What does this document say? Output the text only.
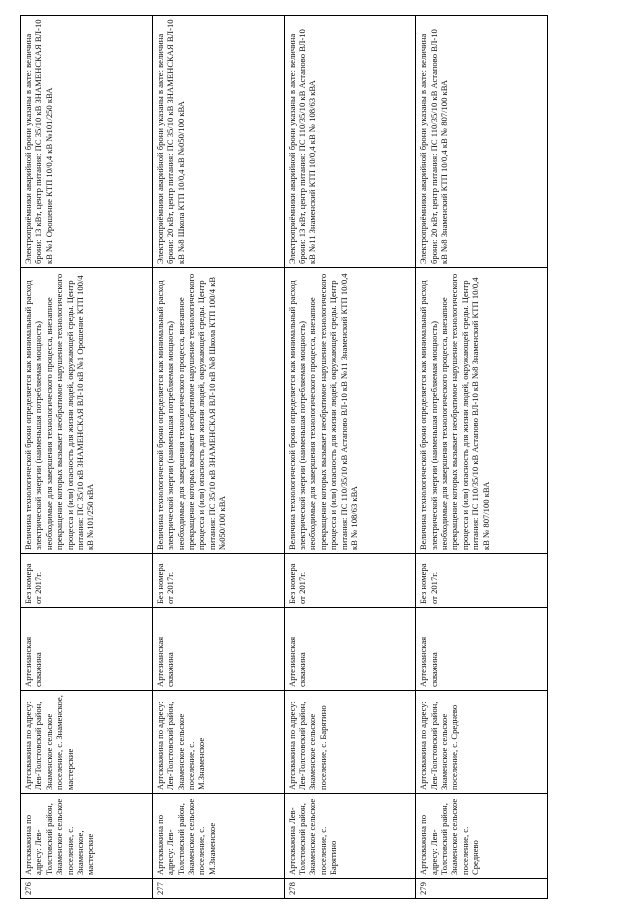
276	Артскважина по адресу: Лев-Толстовский район, Знаменское сельское поселение, с. Знаменское, мастерские	Артскважина по адресу: Лев-Толстовский район, Знаменское сельское поселение, с. Знаменское, мастерские	Артезианская скважина	Без номера от 2017г.	Величина технологической брони определяется как минимальный расход электрической энергии (наименьшая потребляемая мощность) необходимые для завершения технологического процесса, внезапное прекращение которых вызывает необратимое нарушение технологического процесса и (или) опасность для жизни людей, окружающей среды. Центр питания: ПС 35/10 кВ ЗНАМЕНСКАЯ ВЛ-10 кВ №1 Орошение КТП 100/4 кВ №101/250 кВА	Электроприёмники аварийной брони указаны в акте: величина брони: 13 кВт, центр питания: ПС 35/10 кВ ЗНАМЕНСКАЯ ВЛ-10 кВ №1 Орошение КТП 10/0,4 кВ №101/250 кВА
277	Артскважина по адресу: Лев-Толстовский район, Знаменское сельское поселение, с. М.Знаменское	Артскважина по адресу: Лев-Толстовский район, Знаменское сельское поселение, с. М.Знаменское	Артезианская скважина	Без номера от 2017г.	Величина технологической брони определяется как минимальный расход электрической энергии (наименьшая потребляемая мощность) необходимые для завершения технологического процесса, внезапное прекращение которых вызывает необратимое нарушение технологического процесса и (или) опасность для жизни людей, окружающей среды. Центр питания: ПС 35/10 кВ ЗНАМЕНСКАЯ ВЛ-10 кВ №8 Школа КТП 100/4 кВ №050/100 кВА	Электроприёмники аварийной брони указаны в акте: величина брони: 20 кВт, центр питания: ПС 35/10 кВ ЗНАМЕНСКАЯ ВЛ-10 кВ №8 Школа КТП 10/0,4 кВ №050/100 кВА
278	Артскважина Лев-Толстовский район, Знаменское сельское поселение, с. Барятино	Артскважина по адресу: Лев-Толстовский район, Знаменское сельское поселение, с. Барятино	Артезианская скважина	Без номера от 2017г.	Величина технологической брони определяется как минимальный расход электрической энергии (наименьшая потребляемая мощность) необходимые для завершения технологического процесса, внезапное прекращение которых вызывает необратимое нарушение технологического процесса и (или) опасность для жизни людей, окружающей среды. Центр питания: ПС 110/35/10 кВ Астапово ВЛ-10 кВ №11 Знаменский КТП 10/0,4 кВ № 108/63 кВА	Электроприёмники аварийной брони указаны в акте: величина брони: 13 кВт, центр питания: ПС 110/35/10 кВ Астапово ВЛ-10 кВ №11 Знаменский КТП 10/0,4 кВ № 108/63 кВА
279	Артскважина по адресу: Лев-Толстовский район, Знаменское сельское поселение, с. Среднево	Артскважина по адресу: Лев-Толстовский район, Знаменское сельское поселение, с. Среднево	Артезианская скважина	Без номера от 2017г.	Величина технологической брони определяется как минимальный расход электрической энергии (наименьшая потребляемая мощность) необходимые для завершения технологического процесса, внезапное прекращение которых вызывает необратимое нарушение технологического процесса и (или) опасность для жизни людей, окружающей среды. Центр питания: ПС 110/35/10 кВ Астапово ВЛ-10 кВ №8 Знаменский КТП 10/0,4 кВ № 807/100 кВА	Электроприёмники аварийной брони указаны в акте: величина брони: 20 кВт, центр питания: ПС 110/35/10 кВ Астапово ВЛ-10 кВ №8 Знаменский КТП 10/0,4 кВ № 807/100 кВА
